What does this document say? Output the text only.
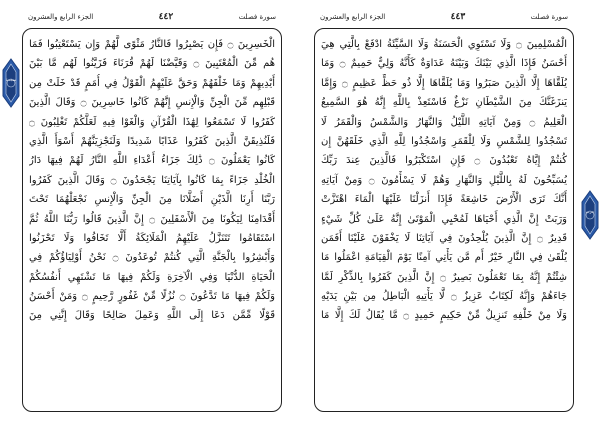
الجزء الرابع والعشرون	٤٤٢	سورة فصلت
الْخَسِرِينَ ۝ فَإِن يَصْبِرُوا فَالنَّارُ مَثْوًى لَّهُمْ وَإِن يَسْتَعْتِبُوا فَمَا
هُم مِّنَ الْمُعْتَبِينَ ۝ وَقَيَّضْنَا لَهُمْ قُرَنَاءَ فَزَيَّنُوا لَهُم مَّا بَيْنَ
أَيْدِيهِمْ وَمَا خَلْفَهُمْ وَحَقَّ عَلَيْهِمُ الْقَوْلُ فِي أُمَمٍ قَدْ خَلَتْ مِن
قَبْلِهِم مِّنَ الْجِنِّ وَالْإِنسِ إِنَّهُمْ كَانُوا خَاسِرِينَ ۝ وَقَالَ الَّذِينَ
كَفَرُوا لَا تَسْمَعُوا لِهَٰذَا الْقُرْآنِ وَالْغَوْا فِيهِ لَعَلَّكُمْ تَغْلِبُونَ ۝
فَلَنُذِيقَنَّ الَّذِينَ كَفَرُوا عَذَابًا شَدِيدًا وَلَنَجْزِيَنَّهُمْ أَسْوَأَ الَّذِي
كَانُوا يَعْمَلُونَ ۝ ذَٰلِكَ جَزَاءُ أَعْدَاءِ اللَّهِ النَّارُ لَهُمْ فِيهَا دَارُ
الْخُلْدِ جَزَاءً بِمَا كَانُوا بِآيَاتِنَا يَجْحَدُونَ ۝ وَقَالَ الَّذِينَ كَفَرُوا
رَبَّنَا أَرِنَا الَّذَيْنِ أَضَلَّانَا مِنَ الْجِنِّ وَالْإِنسِ نَجْعَلْهُمَا تَحْتَ
أَقْدَامِنَا لِيَكُونَا مِنَ الْأَسْفَلِينَ ۝ إِنَّ الَّذِينَ قَالُوا رَبُّنَا اللَّهُ ثُمَّ
اسْتَقَامُوا تَتَنَزَّلُ عَلَيْهِمُ الْمَلَائِكَةُ أَلَّا تَخَافُوا وَلَا تَحْزَنُوا
وَأَبْشِرُوا بِالْجَنَّةِ الَّتِي كُنتُمْ تُوعَدُونَ ۝ نَحْنُ أَوْلِيَاؤُكُمْ فِي
الْحَيَاةِ الدُّنْيَا وَفِي الْآخِرَةِ وَلَكُمْ فِيهَا مَا تَشْتَهِي أَنفُسُكُمْ
وَلَكُمْ فِيهَا مَا تَدَّعُونَ ۝ نُزُلًا مِّنْ غَفُورٍ رَّحِيمٍ ۝ وَمَنْ أَحْسَنُ
قَوْلًا مِّمَّن دَعَا إِلَى اللَّهِ وَعَمِلَ صَالِحًا وَقَالَ إِنَّنِي مِنَ
الجزء الرابع والعشرون	٤٤٣	سورة فصلت
الْمُسْلِمِينَ ۝ وَلَا تَسْتَوِي الْحَسَنَةُ وَلَا السَّيِّئَةُ ادْفَعْ بِالَّتِي هِيَ
أَحْسَنُ فَإِذَا الَّذِي بَيْنَكَ وَبَيْنَهُ عَدَاوَةٌ كَأَنَّهُ وَلِيٌّ حَمِيمٌ ۝ وَمَا
يُلَقَّاهَا إِلَّا الَّذِينَ صَبَرُوا وَمَا يُلَقَّاهَا إِلَّا ذُو حَظٍّ عَظِيمٍ ۝ وَإِمَّا
يَنزَغَنَّكَ مِنَ الشَّيْطَانِ نَزْغٌ فَاسْتَعِذْ بِاللَّهِ إِنَّهُ هُوَ السَّمِيعُ
الْعَلِيمُ ۝ وَمِنْ آيَاتِهِ اللَّيْلُ وَالنَّهَارُ وَالشَّمْسُ وَالْقَمَرُ لَا
تَسْجُدُوا لِلشَّمْسِ وَلَا لِلْقَمَرِ وَاسْجُدُوا لِلَّهِ الَّذِي خَلَقَهُنَّ إِن
كُنتُمْ إِيَّاهُ تَعْبُدُونَ ۝ فَإِنِ اسْتَكْبَرُوا فَالَّذِينَ عِندَ رَبِّكَ
يُسَبِّحُونَ لَهُ بِاللَّيْلِ وَالنَّهَارِ وَهُمْ لَا يَسْأَمُونَ ۝ وَمِنْ آيَاتِهِ
أَنَّكَ تَرَى الْأَرْضَ خَاشِعَةً فَإِذَا أَنزَلْنَا عَلَيْهَا الْمَاءَ اهْتَزَّتْ
وَرَبَتْ إِنَّ الَّذِي أَحْيَاهَا لَمُحْيِي الْمَوْتَىٰ إِنَّهُ عَلَىٰ كُلِّ شَيْءٍ
قَدِيرٌ ۝ إِنَّ الَّذِينَ يُلْحِدُونَ فِي آيَاتِنَا لَا يَخْفَوْنَ عَلَيْنَا أَفَمَن
يُلْقَىٰ فِي النَّارِ خَيْرٌ أَم مَّن يَأْتِي آمِنًا يَوْمَ الْقِيَامَةِ اعْمَلُوا مَا
شِئْتُمْ إِنَّهُ بِمَا تَعْمَلُونَ بَصِيرٌ ۝ إِنَّ الَّذِينَ كَفَرُوا بِالذِّكْرِ لَمَّا
جَاءَهُمْ وَإِنَّهُ لَكِتَابٌ عَزِيزٌ ۝ لَّا يَأْتِيهِ الْبَاطِلُ مِن بَيْنِ يَدَيْهِ
وَلَا مِنْ خَلْفِهِ تَنزِيلٌ مِّنْ حَكِيمٍ حَمِيدٍ ۝ مَّا يُقَالُ لَكَ إِلَّا مَا
سجدة
حزب
